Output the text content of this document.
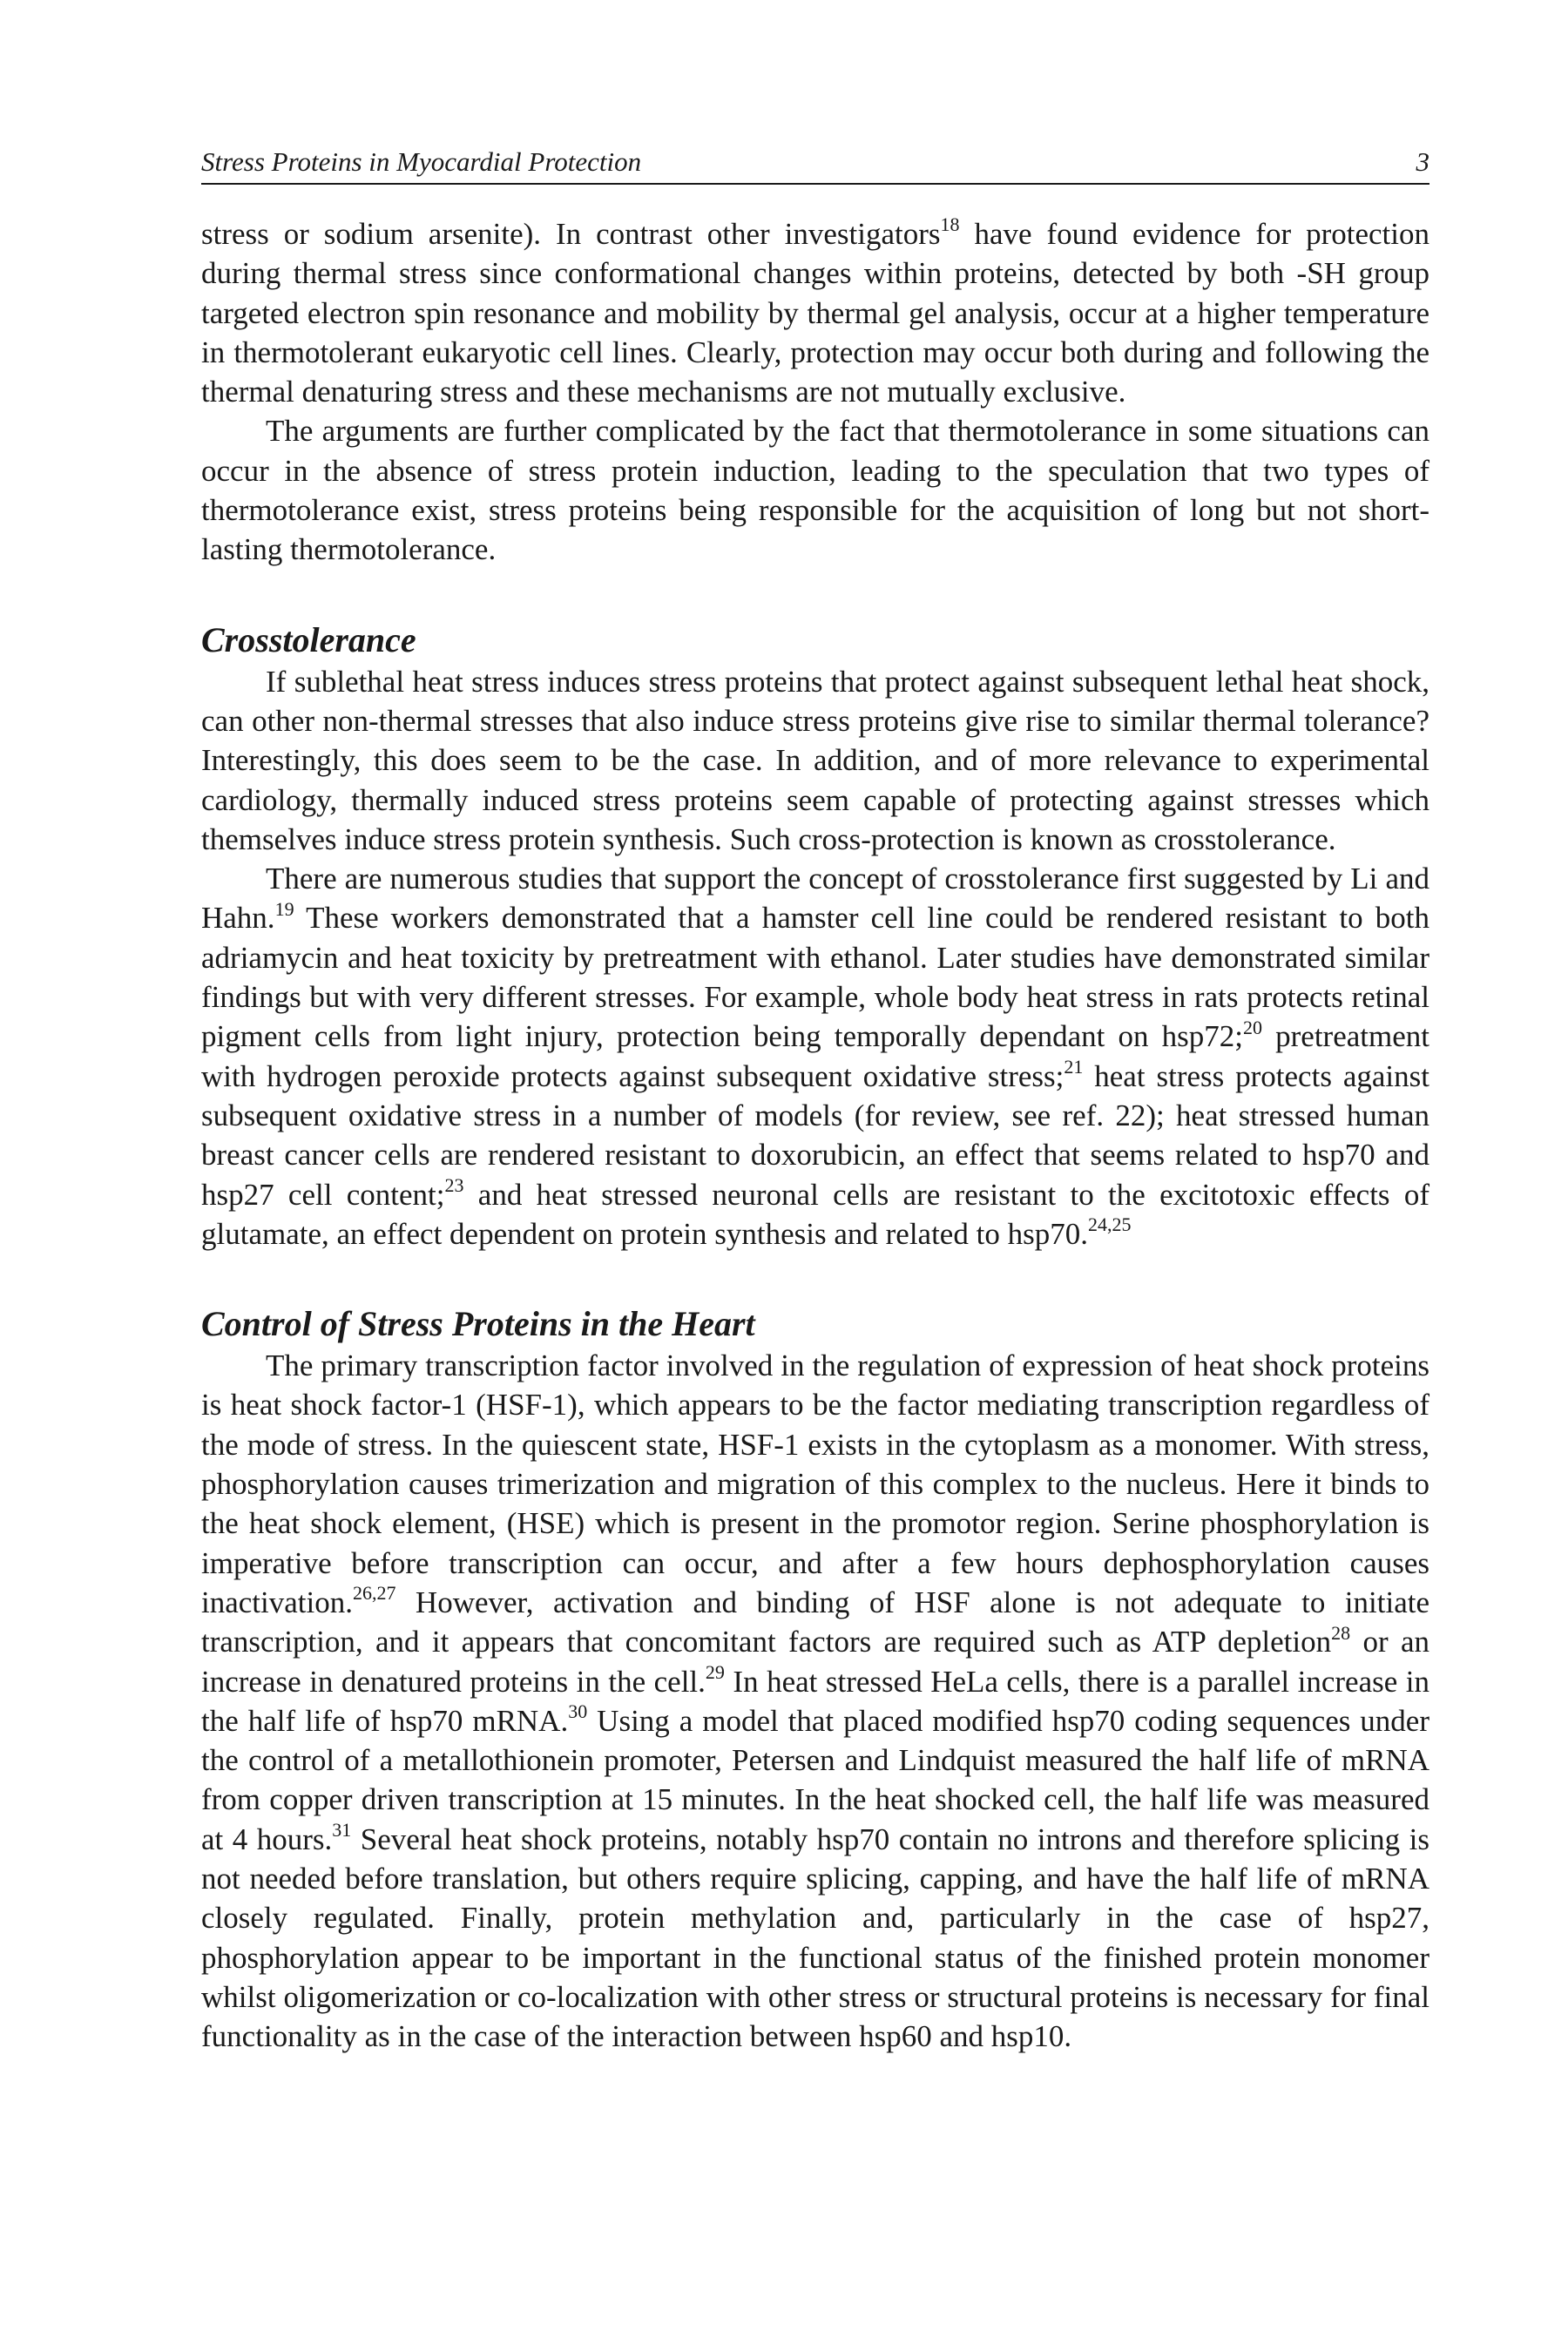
Stress Proteins in Myocardial Protection	3

stress or sodium arsenite). In contrast other investigators$^{18}$ have found evidence for protection during thermal stress since conformational changes within proteins, detected by both -SH group targeted electron spin resonance and mobility by thermal gel analysis, occur at a higher temperature in thermotolerant eukaryotic cell lines. Clearly, protection may occur both during and following the thermal denaturing stress and these mechanisms are not mutually exclusive.

The arguments are further complicated by the fact that thermotolerance in some situations can occur in the absence of stress protein induction, leading to the speculation that two types of thermotolerance exist, stress proteins being responsible for the acquisition of long but not short-lasting thermotolerance.

Crosstolerance

If sublethal heat stress induces stress proteins that protect against subsequent lethal heat shock, can other non-thermal stresses that also induce stress proteins give rise to similar thermal tolerance? Interestingly, this does seem to be the case. In addition, and of more relevance to experimental cardiology, thermally induced stress proteins seem capable of protecting against stresses which themselves induce stress protein synthesis. Such cross-protection is known as crosstolerance.

There are numerous studies that support the concept of crosstolerance first suggested by Li and Hahn.$^{19}$ These workers demonstrated that a hamster cell line could be rendered resistant to both adriamycin and heat toxicity by pretreatment with ethanol. Later studies have demonstrated similar findings but with very different stresses. For example, whole body heat stress in rats protects retinal pigment cells from light injury, protection being temporally dependant on hsp72;$^{20}$ pretreatment with hydrogen peroxide protects against subsequent oxidative stress;$^{21}$ heat stress protects against subsequent oxidative stress in a number of models (for review, see ref. 22); heat stressed human breast cancer cells are rendered resistant to doxorubicin, an effect that seems related to hsp70 and hsp27 cell content;$^{23}$ and heat stressed neuronal cells are resistant to the excitotoxic effects of glutamate, an effect dependent on protein synthesis and related to hsp70.$^{24,25}$

Control of Stress Proteins in the Heart

The primary transcription factor involved in the regulation of expression of heat shock proteins is heat shock factor-1 (HSF-1), which appears to be the factor mediating transcription regardless of the mode of stress. In the quiescent state, HSF-1 exists in the cytoplasm as a monomer. With stress, phosphorylation causes trimerization and migration of this complex to the nucleus. Here it binds to the heat shock element, (HSE) which is present in the promotor region. Serine phosphorylation is imperative before transcription can occur, and after a few hours dephosphorylation causes inactivation.$^{26,27}$ However, activation and binding of HSF alone is not adequate to initiate transcription, and it appears that concomitant factors are required such as ATP depletion$^{28}$ or an increase in denatured proteins in the cell.$^{29}$ In heat stressed HeLa cells, there is a parallel increase in the half life of hsp70 mRNA.$^{30}$ Using a model that placed modified hsp70 coding sequences under the control of a metallothionein promoter, Petersen and Lindquist measured the half life of mRNA from copper driven transcription at 15 minutes. In the heat shocked cell, the half life was measured at 4 hours.$^{31}$ Several heat shock proteins, notably hsp70 contain no introns and therefore splicing is not needed before translation, but others require splicing, capping, and have the half life of mRNA closely regulated. Finally, protein methylation and, particularly in the case of hsp27, phosphorylation appear to be important in the functional status of the finished protein monomer whilst oligomerization or co-localization with other stress or structural proteins is necessary for final functionality as in the case of the interaction between hsp60 and hsp10.
